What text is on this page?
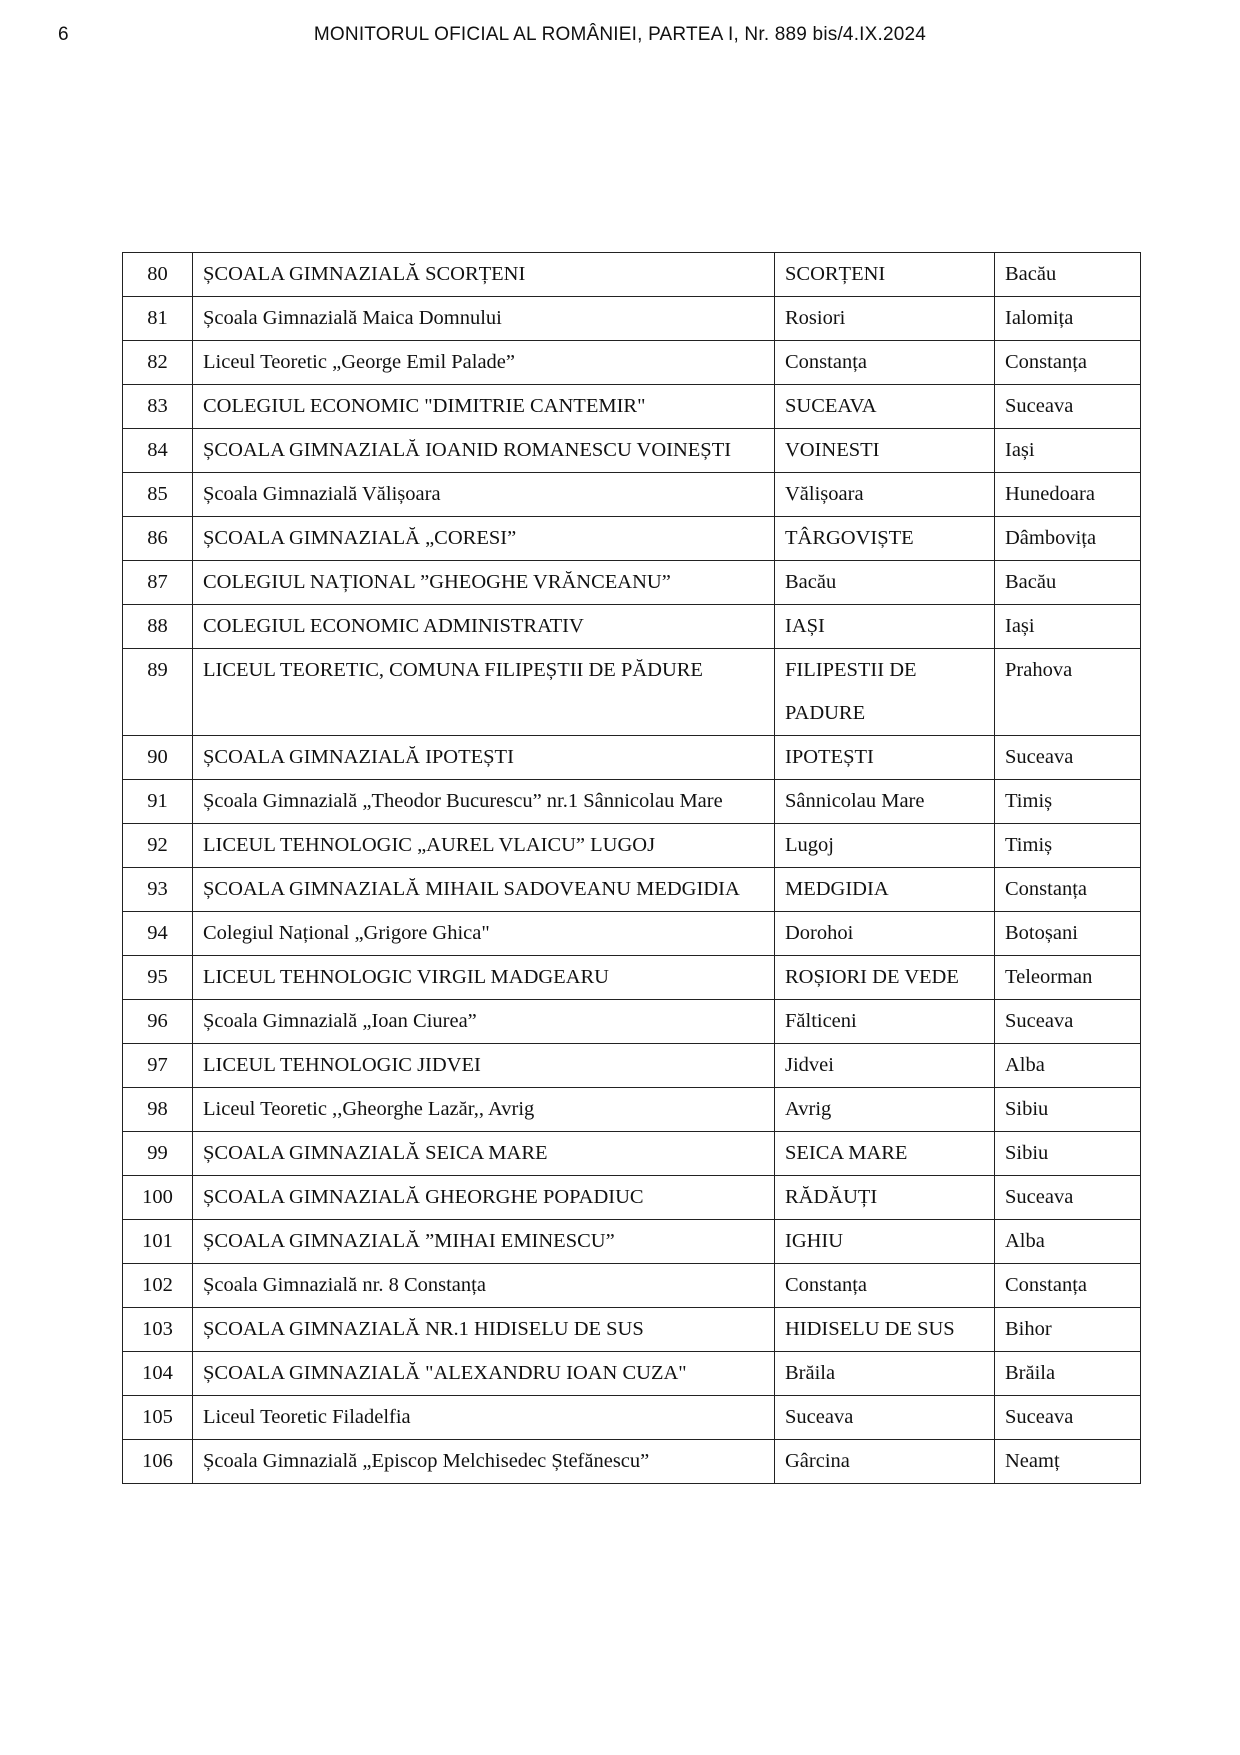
6	MONITORUL OFICIAL AL ROMÂNIEI, PARTEA I, Nr. 889 bis/4.IX.2024
80	ȘCOALA GIMNAZIALĂ SCORȚENI	SCORȚENI	Bacău
81	Școala Gimnazială Maica Domnului	Rosiori	Ialomița
82	Liceul Teoretic „George Emil Palade”	Constanța	Constanța
83	COLEGIUL ECONOMIC "DIMITRIE CANTEMIR"	SUCEAVA	Suceava
84	ȘCOALA GIMNAZIALĂ IOANID ROMANESCU VOINEȘTI	VOINESTI	Iași
85	Școala Gimnazială Vălișoara	Vălișoara	Hunedoara
86	ȘCOALA GIMNAZIALĂ „CORESI”	TÂRGOVIȘTE	Dâmbovița
87	COLEGIUL NAȚIONAL ”GHEOGHE VRĂNCEANU”	Bacău	Bacău
88	COLEGIUL ECONOMIC ADMINISTRATIV	IAȘI	Iași
89	LICEUL TEORETIC, COMUNA FILIPEȘTII DE PĂDURE	FILIPESTII DE PADURE	Prahova
90	ȘCOALA GIMNAZIALĂ IPOTEȘTI	IPOTEȘTI	Suceava
91	Școala Gimnazială „Theodor Bucurescu” nr.1 Sânnicolau Mare	Sânnicolau Mare	Timiș
92	LICEUL TEHNOLOGIC „AUREL VLAICU” LUGOJ	Lugoj	Timiș
93	ȘCOALA GIMNAZIALĂ MIHAIL SADOVEANU MEDGIDIA	MEDGIDIA	Constanța
94	Colegiul Național „Grigore Ghica"	Dorohoi	Botoșani
95	LICEUL TEHNOLOGIC VIRGIL MADGEARU	ROȘIORI DE VEDE	Teleorman
96	Școala Gimnazială „Ioan Ciurea”	Fălticeni	Suceava
97	LICEUL TEHNOLOGIC JIDVEI	Jidvei	Alba
98	Liceul Teoretic ,,Gheorghe Lazăr,, Avrig	Avrig	Sibiu
99	ȘCOALA GIMNAZIALĂ SEICA MARE	SEICA MARE	Sibiu
100	ȘCOALA GIMNAZIALĂ GHEORGHE POPADIUC	RĂDĂUȚI	Suceava
101	ȘCOALA GIMNAZIALĂ ”MIHAI EMINESCU”	IGHIU	Alba
102	Școala Gimnazială nr. 8 Constanța	Constanța	Constanța
103	ȘCOALA GIMNAZIALĂ NR.1 HIDISELU DE SUS	HIDISELU DE SUS	Bihor
104	ȘCOALA GIMNAZIALĂ "ALEXANDRU IOAN CUZA"	Brăila	Brăila
105	Liceul Teoretic Filadelfia	Suceava	Suceava
106	Școala Gimnazială „Episcop Melchisedec Ștefănescu”	Gârcina	Neamț
